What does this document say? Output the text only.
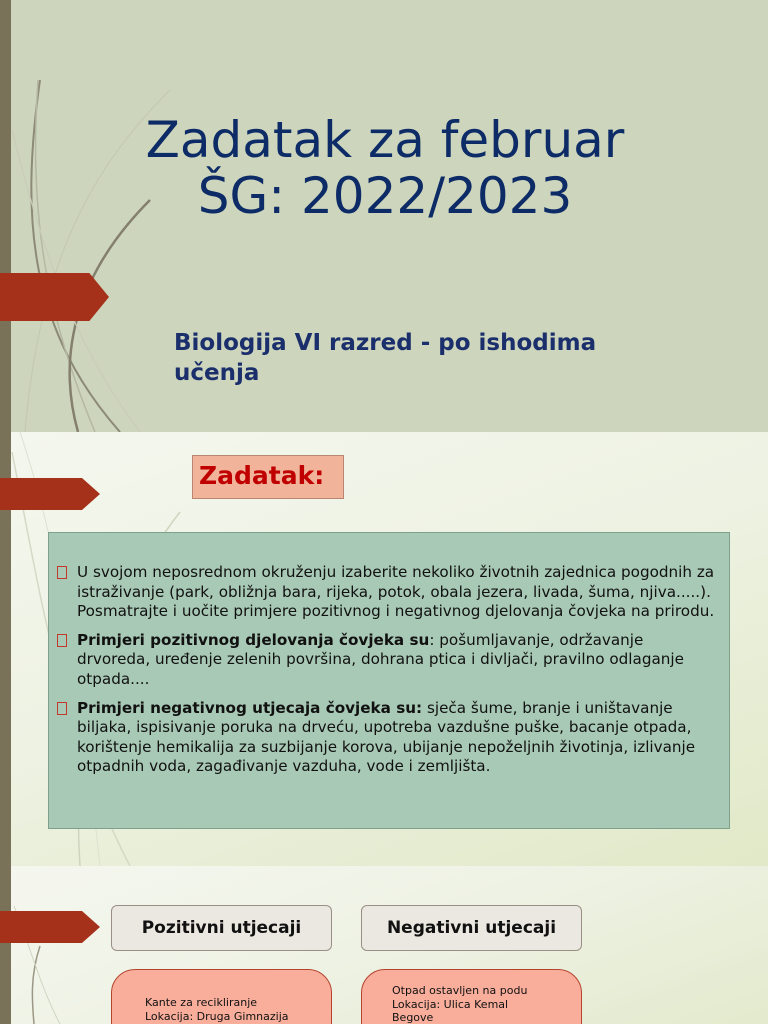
Zadatak za februar
ŠG: 2022/2023
Biologija VI razred - po ishodima
učenja
Zadatak:
U svojom neposrednom okruženju izaberite nekoliko životnih zajednica pogodnih za istraživanje (park, obližnja bara, rijeka, potok, obala jezera, livada, šuma, njiva.....). Posmatrajte i uočite primjere pozitivnog i negativnog djelovanja čovjeka na prirodu.
Primjeri pozitivnog djelovanja čovjeka su: pošumljavanje, održavanje drvoreda, uređenje zelenih površina, dohrana ptica i divljači, pravilno odlaganje otpada....
Primjeri negativnog utjecaja čovjeka su: sječa šume, branje i uništavanje biljaka, ispisivanje poruka na drveću, upotreba vazdušne puške, bacanje otpada, korištenje hemikalija za suzbijanje korova, ubijanje nepoželjnih životinja, izlivanje otpadnih voda, zagađivanje vazduha, vode i zemljišta.
Pozitivni utjecaji	Negativni utjecaji
Kante za recikliranje
Lokacija: Druga Gimnazija
Otpad ostavljen na podu
Lokacija: Ulica Kemal
Begove
